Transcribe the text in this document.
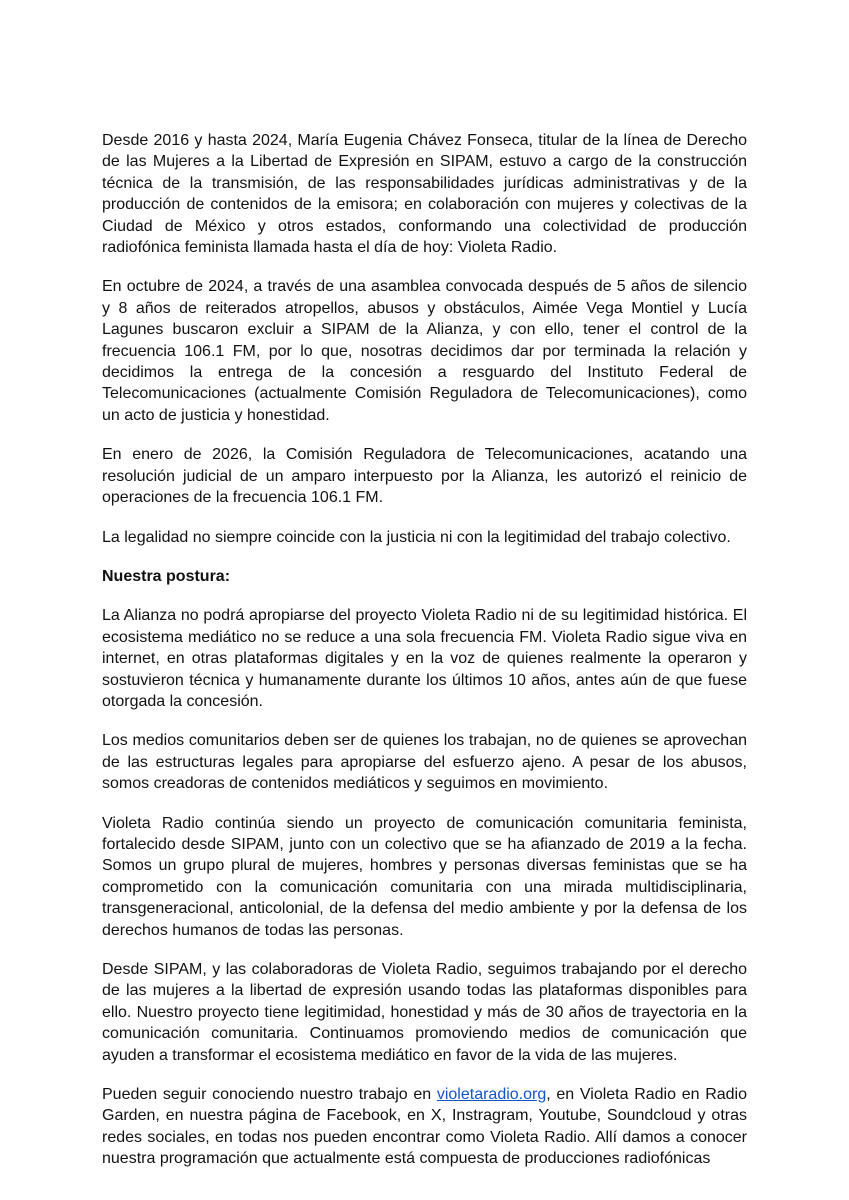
Desde 2016 y hasta 2024, María Eugenia Chávez Fonseca, titular de la línea de Derecho de las Mujeres a la Libertad de Expresión en SIPAM, estuvo a cargo de la construcción técnica de la transmisión, de las responsabilidades jurídicas administrativas y de la producción de contenidos de la emisora; en colaboración con mujeres y colectivas de la Ciudad de México y otros estados, conformando una colectividad de producción radiofónica feminista llamada hasta el día de hoy: Violeta Radio.

En octubre de 2024, a través de una asamblea convocada después de 5 años de silencio y 8 años de reiterados atropellos, abusos y obstáculos, Aimée Vega Montiel y Lucía Lagunes buscaron excluir a SIPAM de la Alianza, y con ello, tener el control de la frecuencia 106.1 FM, por lo que, nosotras decidimos dar por terminada la relación y decidimos la entrega de la concesión a resguardo del Instituto Federal de Telecomunicaciones (actualmente Comisión Reguladora de Telecomunicaciones), como un acto de justicia y honestidad.

En enero de 2026, la Comisión Reguladora de Telecomunicaciones, acatando una resolución judicial de un amparo interpuesto por la Alianza, les autorizó el reinicio de operaciones de la frecuencia 106.1 FM.

La legalidad no siempre coincide con la justicia ni con la legitimidad del trabajo colectivo.

Nuestra postura:

La Alianza no podrá apropiarse del proyecto Violeta Radio ni de su legitimidad histórica. El ecosistema mediático no se reduce a una sola frecuencia FM. Violeta Radio sigue viva en internet, en otras plataformas digitales y en la voz de quienes realmente la operaron y sostuvieron técnica y humanamente durante los últimos 10 años, antes aún de que fuese otorgada la concesión.

Los medios comunitarios deben ser de quienes los trabajan, no de quienes se aprovechan de las estructuras legales para apropiarse del esfuerzo ajeno. A pesar de los abusos, somos creadoras de contenidos mediáticos y seguimos en movimiento.

Violeta Radio continúa siendo un proyecto de comunicación comunitaria feminista, fortalecido desde SIPAM, junto con un colectivo que se ha afianzado de 2019 a la fecha. Somos un grupo plural de mujeres, hombres y personas diversas feministas que se ha comprometido con la comunicación comunitaria con una mirada multidisciplinaria, transgeneracional, anticolonial, de la defensa del medio ambiente y por la defensa de los derechos humanos de todas las personas.

Desde SIPAM, y las colaboradoras de Violeta Radio, seguimos trabajando por el derecho de las mujeres a la libertad de expresión usando todas las plataformas disponibles para ello. Nuestro proyecto tiene legitimidad, honestidad y más de 30 años de trayectoria en la comunicación comunitaria. Continuamos promoviendo medios de comunicación que ayuden a transformar el ecosistema mediático en favor de la vida de las mujeres.

Pueden seguir conociendo nuestro trabajo en violetaradio.org, en Violeta Radio en Radio Garden, en nuestra página de Facebook, en X, Instragram, Youtube, Soundcloud y otras redes sociales, en todas nos pueden encontrar como Violeta Radio. Allí damos a conocer nuestra programación que actualmente está compuesta de producciones radiofónicas
